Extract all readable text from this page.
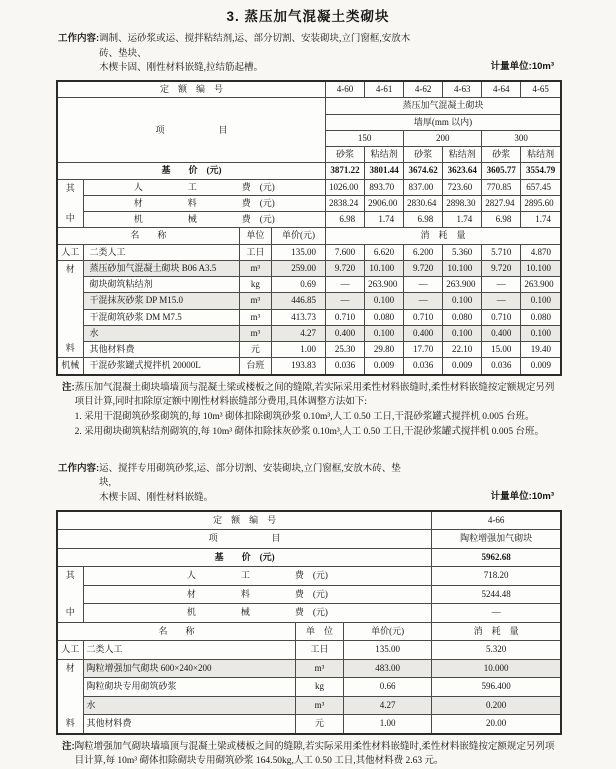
3. 蒸压加气混凝土类砌块
工作内容: 调制、运砂浆或运、搅拌粘结剂,运、部分切割、安装砌块,立门窗框,安放木砖、垫块、
木楔卡固、刚性材料嵌缝,拉结筋起槽。	计量单位:10m³
定　额　编　号				4-60	4-61	4-62	4-63	4-64	4-65
项　　　　　　目				蒸压加气混凝土砌块					
				墙厚(mm 以内)					
				150		200		300	
				砂浆	粘结剂	砂浆	粘结剂	砂浆	粘结剂
基　　价　(元)				3871.22	3801.44	3674.62	3623.64	3605.77	3554.79

其
中	人　　　　　工　　　　　费　(元)			1026.00	893.70	837.00	723.60	770.85	657.45
	材　　　　　料　　　　　费　(元)			2838.24	2906.00	2830.64	2898.30	2827.94	2895.60
	机　　　　　械　　　　　费　(元)			6.98	1.74	6.98	1.74	6.98	1.74
名　　称		单位	单价(元)	消　耗　量					
人工	二类人工	工日	135.00	7.600	6.620	6.200	5.360	5.710	4.870

材
料	蒸压砂加气混凝土砌块 B06 A3.5	m³	259.00	9.720	10.100	9.720	10.100	9.720	10.100
	砌块砌筑粘结剂	kg	0.69	—	263.900	—	263.900	—	263.900
	干混抹灰砂浆 DP M15.0	m³	446.85	—	0.100	—	0.100	—	0.100
	干混砌筑砂浆 DM M7.5	m³	413.73	0.710	0.080	0.710	0.080	0.710	0.080
	水	m³	4.27	0.400	0.100	0.400	0.100	0.400	0.100
	其他材料费	元	1.00	25.30	29.80	17.70	22.10	15.00	19.40
机械	干混砂浆罐式搅拌机 20000L	台班	193.83	0.036	0.009	0.036	0.009	0.036	0.009
注: 蒸压加气混凝土砌块墙墙顶与混凝土梁或楼板之间的缝隙,若实际采用柔性材料嵌缝时,柔性材料嵌缝按定额规定另列项目计算,同时扣除原定额中刚性材料嵌缝部分费用,具体调整方法如下:
1. 采用干混砌筑砂浆砌筑的,每 10m³ 砌体扣除砌筑砂浆 0.10m³,人工 0.50 工日,干混砂浆罐式搅拌机 0.005 台班。
2. 采用砌块砌筑粘结剂砌筑的,每 10m³ 砌体扣除抹灰砂浆 0.10m³,人工 0.50 工日,干混砂浆罐式搅拌机 0.005 台班。
工作内容: 运、搅拌专用砌筑砂浆,运、部分切割、安装砌块,立门窗框,安放木砖、垫块,
木楔卡固、刚性材料嵌缝。	计量单位:10m³
定　额　编　号				4-66
项　　　　　　目				陶粒增强加气砌块
基　　价　(元)				5962.68

其
中	人　　　　　工　　　　　费　(元)			718.20
	材　　　　　料　　　　　费　(元)			5244.48
	机　　　　　械　　　　　费　(元)			—
名　　称		单　位	单价(元)	消　耗　量
人工	二类人工	工日	135.00	5.320

材
料	陶粒增强加气砌块 600×240×200	m³	483.00	10.000
	陶粒砌块专用砌筑砂浆	kg	0.66	596.400
	水	m³	4.27	0.200
	其他材料费	元	1.00	20.00
注: 陶粒增强加气砌块墙墙顶与混凝土梁或楼板之间的缝隙,若实际采用柔性材料嵌缝时,柔性材料嵌缝按定额规定另列项目计算,每 10m³ 砌体扣除砌块专用砌筑砂浆 164.50kg,人工 0.50 工日,其他材料费 2.63 元。
